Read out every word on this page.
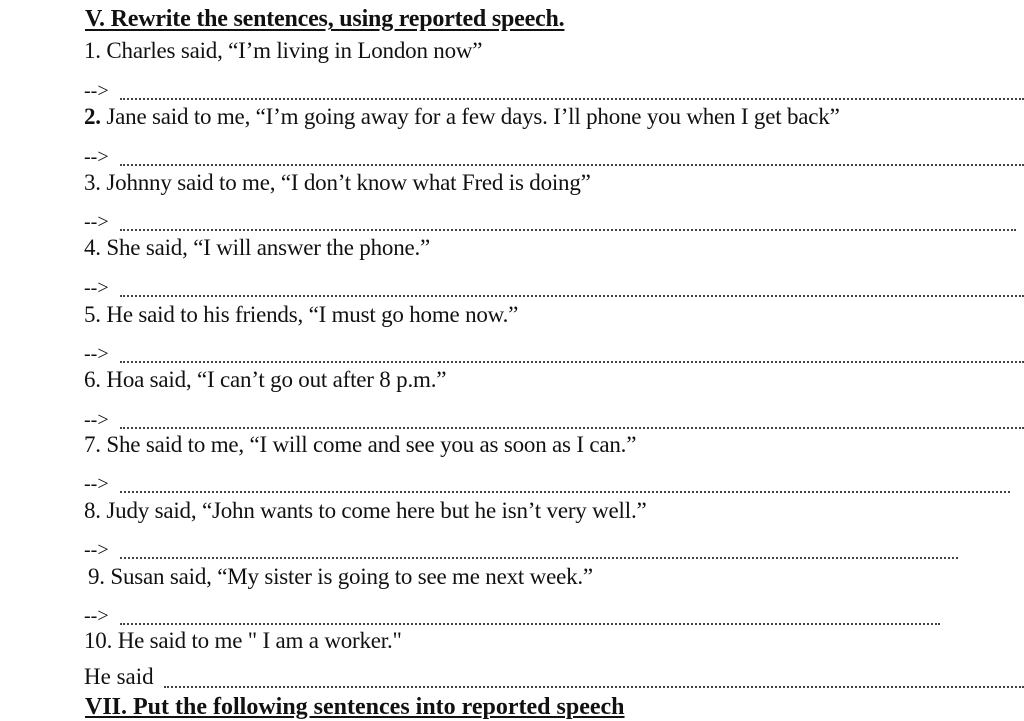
V. Rewrite the sentences, using reported speech.
1. Charles said, “I’m living in London now”
-->
2. Jane said to me, “I’m going away for a few days. I’ll phone you when I get back”
-->
3. Johnny said to me, “I don’t know what Fred is doing”
-->
4. She said, “I will answer the phone.”
-->
5. He said to his friends, “I must go home now.”
-->
6. Hoa said, “I can’t go out after 8 p.m.”
-->
7. She said to me, “I will come and see you as soon as I can.”
-->
8. Judy said, “John wants to come here but he isn’t very well.”
-->
9. Susan said, “My sister is going to see me next week.”
-->
10. He said to me " I am a worker."
He said
VII. Put the following sentences into reported speech
